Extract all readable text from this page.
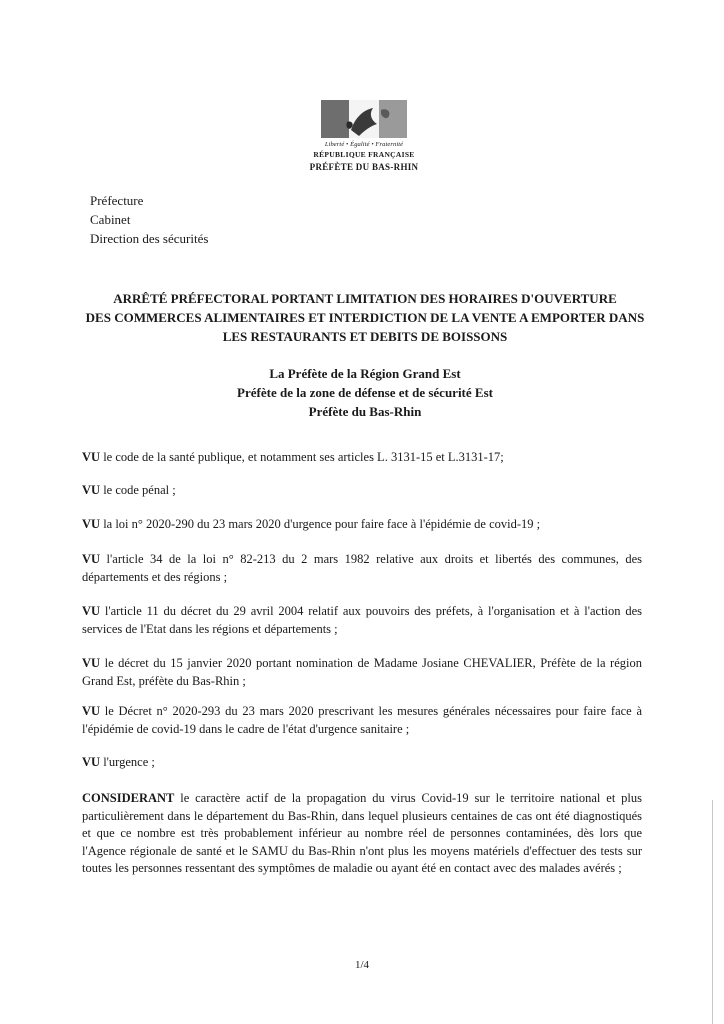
Liberté • Égalité • Fraternité
RÉPUBLIQUE FRANÇAISE
PRÉFÈTE DU BAS-RHIN
Préfecture
Cabinet
Direction des sécurités
ARRÊTÉ PRÉFECTORAL PORTANT LIMITATION DES HORAIRES D'OUVERTURE
DES COMMERCES ALIMENTAIRES ET INTERDICTION DE LA VENTE A EMPORTER DANS
LES RESTAURANTS ET DEBITS DE BOISSONS
La Préfète de la Région Grand Est
Préfète de la zone de défense et de sécurité Est
Préfète du Bas-Rhin
VU le code de la santé publique, et notamment ses articles L. 3131-15 et L.3131-17;
VU le code pénal ;
VU la loi n° 2020-290 du 23 mars 2020 d'urgence pour faire face à l'épidémie de covid-19 ;
VU l'article 34 de la loi n° 82-213 du 2 mars 1982 relative aux droits et libertés des communes, des départements et des régions ;
VU l'article 11 du décret du 29 avril 2004 relatif aux pouvoirs des préfets, à l'organisation et à l'action des services de l'Etat dans les régions et départements ;
VU le décret du 15 janvier 2020 portant nomination de Madame Josiane CHEVALIER, Préfète de la région Grand Est, préfète du Bas-Rhin ;
VU le Décret n° 2020-293 du 23 mars 2020 prescrivant les mesures générales nécessaires pour faire face à l'épidémie de covid-19 dans le cadre de l'état d'urgence sanitaire ;
VU l'urgence ;
CONSIDERANT le caractère actif de la propagation du virus Covid-19 sur le territoire national et plus particulièrement dans le département du Bas-Rhin, dans lequel plusieurs centaines de cas ont été diagnostiqués et que ce nombre est très probablement inférieur au nombre réel de personnes contaminées, dès lors que l'Agence régionale de santé et le SAMU du Bas-Rhin n'ont plus les moyens matériels d'effectuer des tests sur toutes les personnes ressentant des symptômes de maladie ou ayant été en contact avec des malades avérés ;
1/4
